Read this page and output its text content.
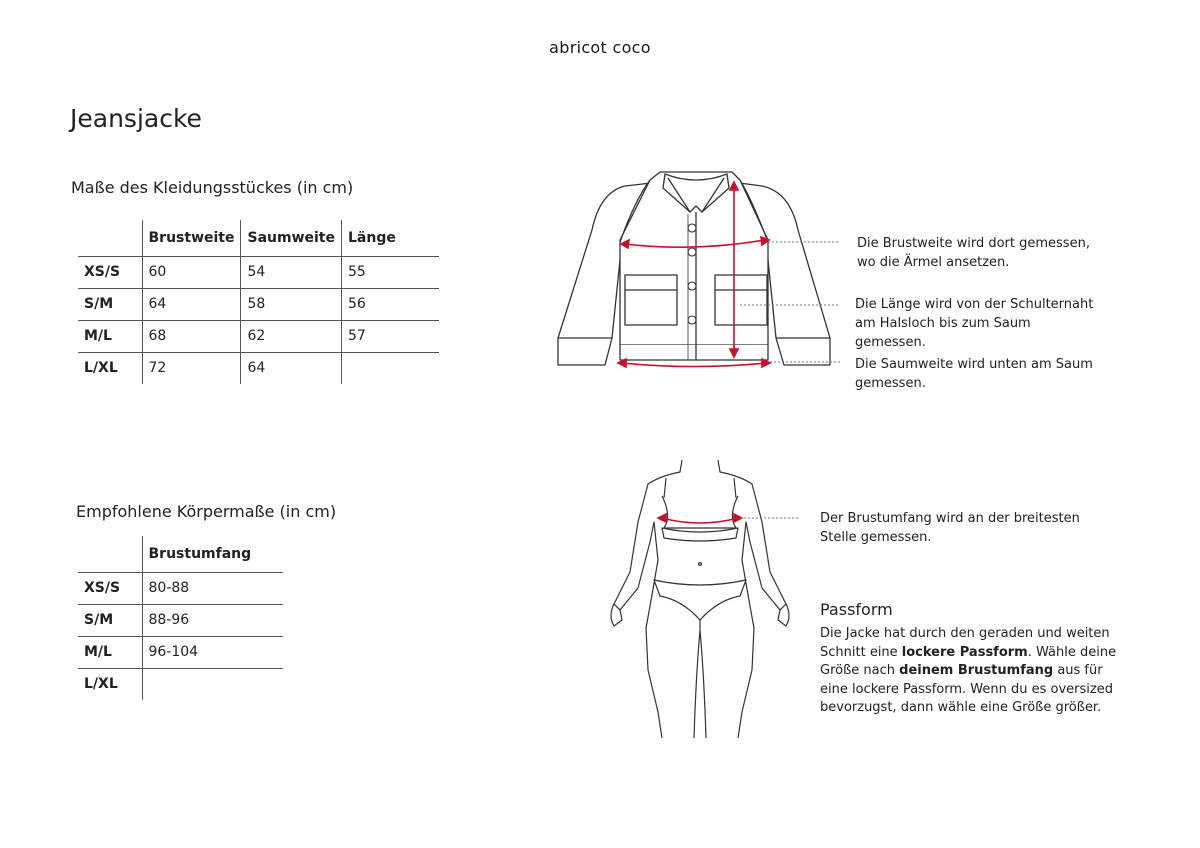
abricot coco
Jeansjacke
Maße des Kleidungsstückes (in cm)
	Brustweite	Saumweite	Länge
XS/S	60	54	55
S/M	64	58	56
M/L	68	62	57
L/XL	72	64	
Empfohlene Körpermaße (in cm)
	Brustumfang
XS/S	80-88
S/M	88-96
M/L	96-104
L/XL	
Die Brustweite wird dort gemessen, wo die Ärmel ansetzen.
Die Länge wird von der Schulternaht am Halsloch bis zum Saum gemessen.
Die Saumweite wird unten am Saum gemessen.
Der Brustumfang wird an der breitesten Stelle gemessen.
Passform

Die Jacke hat durch den geraden und weiten Schnitt eine lockere Passform. Wähle deine Größe nach deinem Brustumfang aus für eine lockere Passform. Wenn du es oversized bevorzugst, dann wähle eine Größe größer.
